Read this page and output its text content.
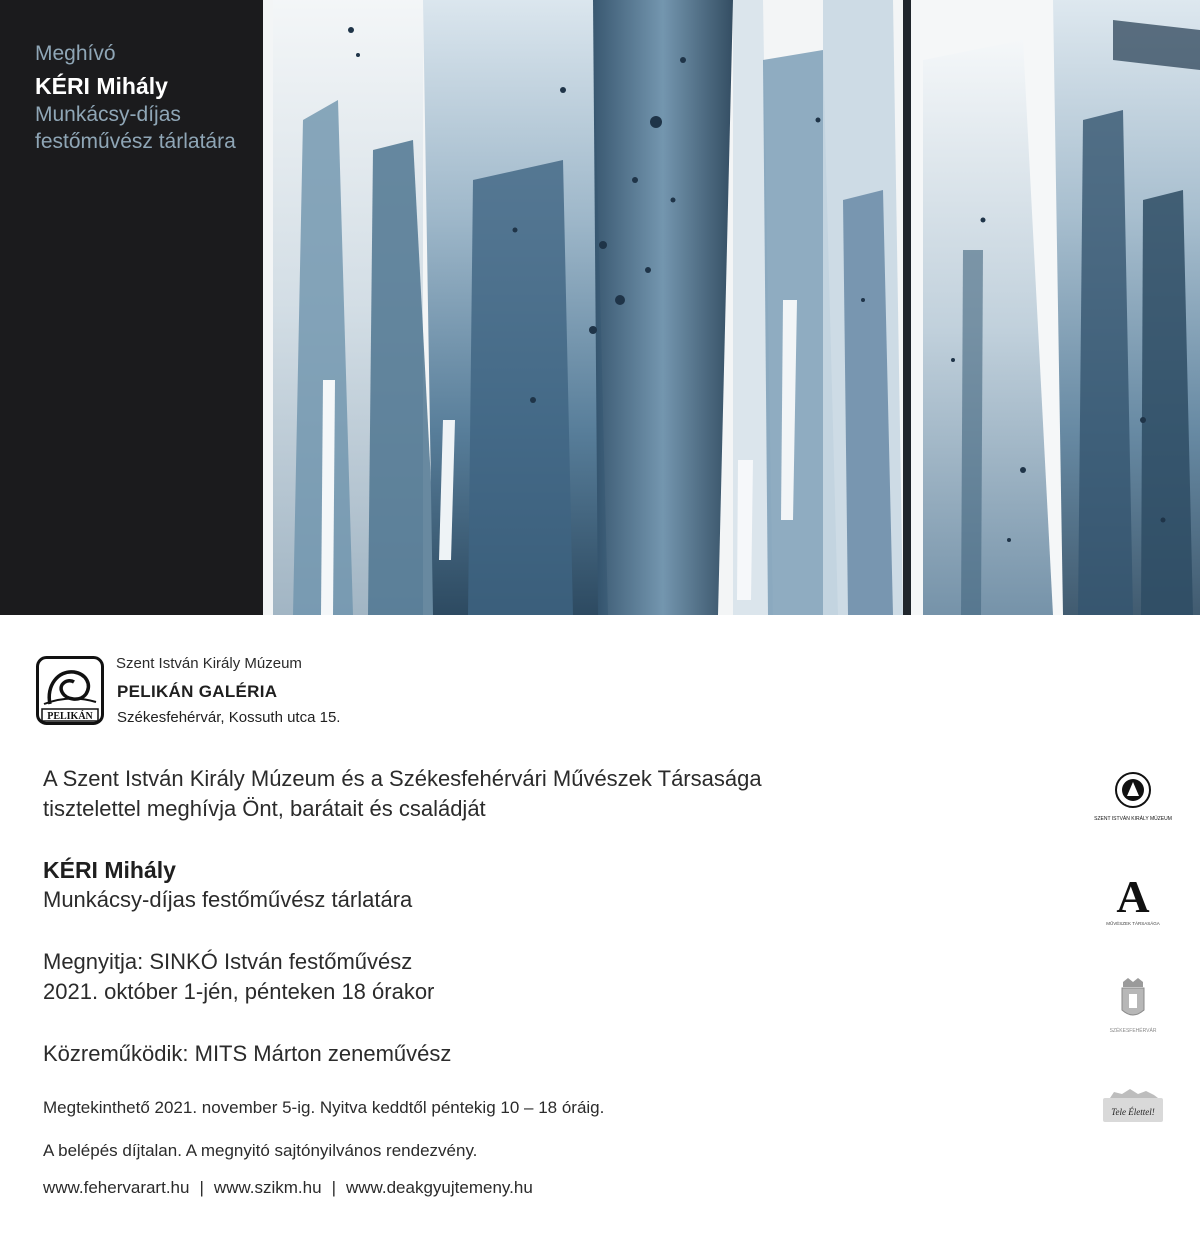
Meghívó
KÉRI Mihály
Munkácsy-díjas
festőművész tárlatára
PELIKÁN
Szent István Király Múzeum
PELIKÁN GALÉRIA
Székesfehérvár, Kossuth utca 15.
A Szent István Király Múzeum és a Székesfehérvári Művészek Társasága
tisztelettel meghívja Önt, barátait és családját
KÉRI Mihály
Munkácsy-díjas festőművész tárlatára
Megnyitja: SINKÓ István festőművész
2021. október 1-jén, pénteken 18 órakor
Közreműködik: MITS Márton zeneművész
Megtekinthető 2021. november 5-ig. Nyitva keddtől péntekig 10 – 18 óráig.
A belépés díjtalan. A megnyitó sajtónyilvános rendezvény.
www.fehervarart.hu | www.szikm.hu | www.deakgyujtemeny.hu
SZENT ISTVÁN KIRÁLY MÚZEUM
A
MŰVÉSZEK TÁRSASÁGA
SZÉKESFEHÉRVÁR
Tele Élettel!
